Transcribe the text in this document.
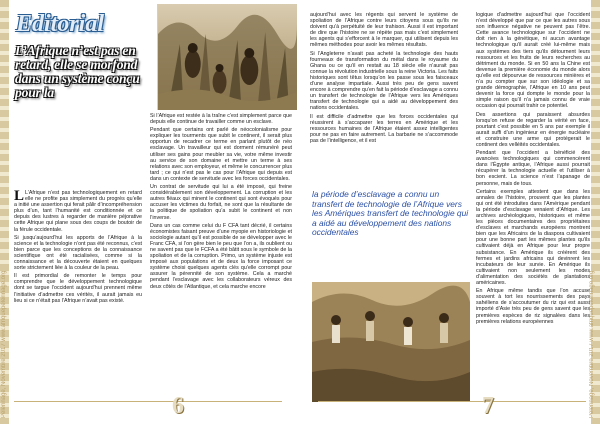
Pelerinage, Novembre 2017 www.afriquepelerinage.org
Editorial
L’Afrique n’est pas en retard, elle se morfond dans un système conçu pour la

L L’Afrique n’est pas technologiquement en retard elle ne profite pas simplement du progrès qu’elle a initié une assertion qui ferait pâlir d’incompréhension plus d’un, tant l’humanité est conditionnée et ce depuis des lustres à regarder de manière péjorative cette Afrique qui plane sous des coups de boutoir de la férule occidentale.

Si jusqu’aujourd’hui les apports de l’Afrique à la science et la technologie n’ont pas été reconnus, c’est bien parce que les conceptions de la connaissance scientifique ont été racialisées, comme si la connaissance et la découverte étaient en quelques sorte strictement liée à la couleur de la peau.

Il est primordial de remonter le temps pour comprendre que le développement technologique dont se targue l’occident aujourd’hui prennent même l’initiative d’admettre ces vérités, il aurait jamais eu lieu si ce n’était pas l’Afrique n’avait pas existé.

Si l’Afrique est restée à la traîne c’est simplement parce que depuis elle continue de travailler comme un esclave.

Pendant que certains ont parlé de néocolonialisme pour expliquer les tourments que subit le continent, il serait plus opportun de recadrer ce terme en parlant plutôt de néo esclavage. Un travailleur qui est dorment rémunéré peut utiliser ses gains pour meubler sa vie, votre même investir au service de son domaine et mettre un terme à ses relations avec son employeur, et même le concurrencer plus tard ; ce qui n’est pas le cas pour l’Afrique qui depuis est dans un contexte de servitude avec les forces occidentales.

Un contrat de servitude qui lui a été imposé, qui freine considérablement son développement. La corruption et les autres fléaux qui minent le continent qui sont évoqués pour accuser les victimes du forfait, ne sont que la résultante de la politique de spoliation qu’a subit le continent et non l’inverse.

Dans un cas comme celui du F CFA tant décrié, il certains économistes faisant preuve d’une myopie en historiologie et sociologie autant qu’il est possible de se développer avec le Franc CFA, si l’on gère bien le peu que l’on a, ils oublient ou ne savent pas que le FCFA a été bâtit sous le symbole de la spoliation et de la corruption. Primo, un système injuste est imposé aux populations et de deux la force imposant ce système choisi quelques agents clés qu’elle corrompt pour assurer la pérennité de son système. Cela a marché pendant l’esclavage avec les collaborateurs véreux des deux côtés de l’Atlantique, et cela marche encore

6	Pelerinage, Novembre 2017 www.afriquepelerinage.org

aujourd’hui avec les régents qui servent le système de spoliation de l’Afrique contre leurs citoyens sous qu’ils ne doivent qu’à perpétuité de leur trahison. Aussi il est important de dire que l’histoire ne se répète pas mais c’est simplement les agents qui s’efforcent à le marquer, qui utilisent depuis les mêmes méthodes pour avoir les mêmes résultats.

Si l’Angleterre n’avait pas acheté la technologie des hauts fourneaux de transformation du métal dans le royaume du Ghana ou ce qu’il en restait au 18 siècle elle n’aurait pas connue la révolution industrielle sous la reine Victoria. Les faits historiques sont têtus lorsqu’on les passe sous les faisceaux d’une analyse impartiale. Aussi très peu de gens savent encore à comprendre qu’en fait la période d’esclavage a connu un transfert de technologie de l’Afrique vers les Amériques transfert de technologie qui a aidé au développement des nations occidentales.

Il est difficile d’admettre que les forces occidentales qui réussirent à s’accaparer les terres en Amérique et les ressources humaines de l’Afrique étaient assez intelligentes pour ne pas en faire autrement. La barbarie ne s’accommode pas de l’intelligence, et il est

la période d’esclavage a connu un transfert de technologie de l’Afrique vers les Amériques transfert de technologie qui a aidé au développement des nations occidentales

logique d’admettre aujourd’hui que l’occident n’est développé que par ce que les autres sous son influence négative ne peuvent pas l’être. Cette avance technologique sur l’occident ne doit rien à la génétique, ni aucun avantage technologique qu’il aurait créé lui-même mais aux systèmes des tiers qu’ils détournent leurs ressources et les fruits de leurs recherches au détriment du monde. Si en 50 ans la Chine est devenue la première économie du monde alors qu’elle est dépourvue de ressources minières et n’a pu compter que sur son idéologie et sa grande démographie, l’Afrique en 10 ans peut devenir la force qui dompte le monde pour la simple raison qu’il n’a jamais connu de vraie occasion qui pourrait trahir ce potentiel.

Des assertions qui paraissent absurdes lorsqu’on refuse de regarder la vérité en face, pourtant c’est possible en 5 ans par exemple il aurait suffi d’un ingénieur en énergie nucléaire et construire une arme qui protégerait le continent des velléités occidentales.

Pendant que l’occident a bénéficié des avancées technologiques qui commencèrent dans l’Égypte antique, l’Afrique aussi pourrait récupérer la technologie actuelle et l’utiliser à bon escient. La science n’est l’apanage de personne, mais de tous.

Certains exemples attestent que dans les annales de l’histoire, prouvent que les plantes qui ont été introduites dans l’Amérique pendant la période d’esclavage venaient d’Afrique. Les archives archéologiques, historiques et même les pièces documentaires des propriétaires d’esclaves et marchands européens montrent bien que les Africains de la diaspora cultivaient pour une bonne part les mêmes plantes qu’ils cultivaient déjà en Afrique pour leur propre subsistance. En Amérique ils créèrent des fermes et jardins africains qui devinrent les incubateurs de leur survie. En Amérique ils cultivaient non seulement les modes d’alimentation des sociétés de plantations américaines.

En Afrique même tandis que l’on accuse souvent à tort les nourrissements des pays sahéliens de s’accoutumer du riz qui est aussi importé d’Asie très peu de gens savent que les premières espèces de riz signalées dans les premières relations européennes

7
